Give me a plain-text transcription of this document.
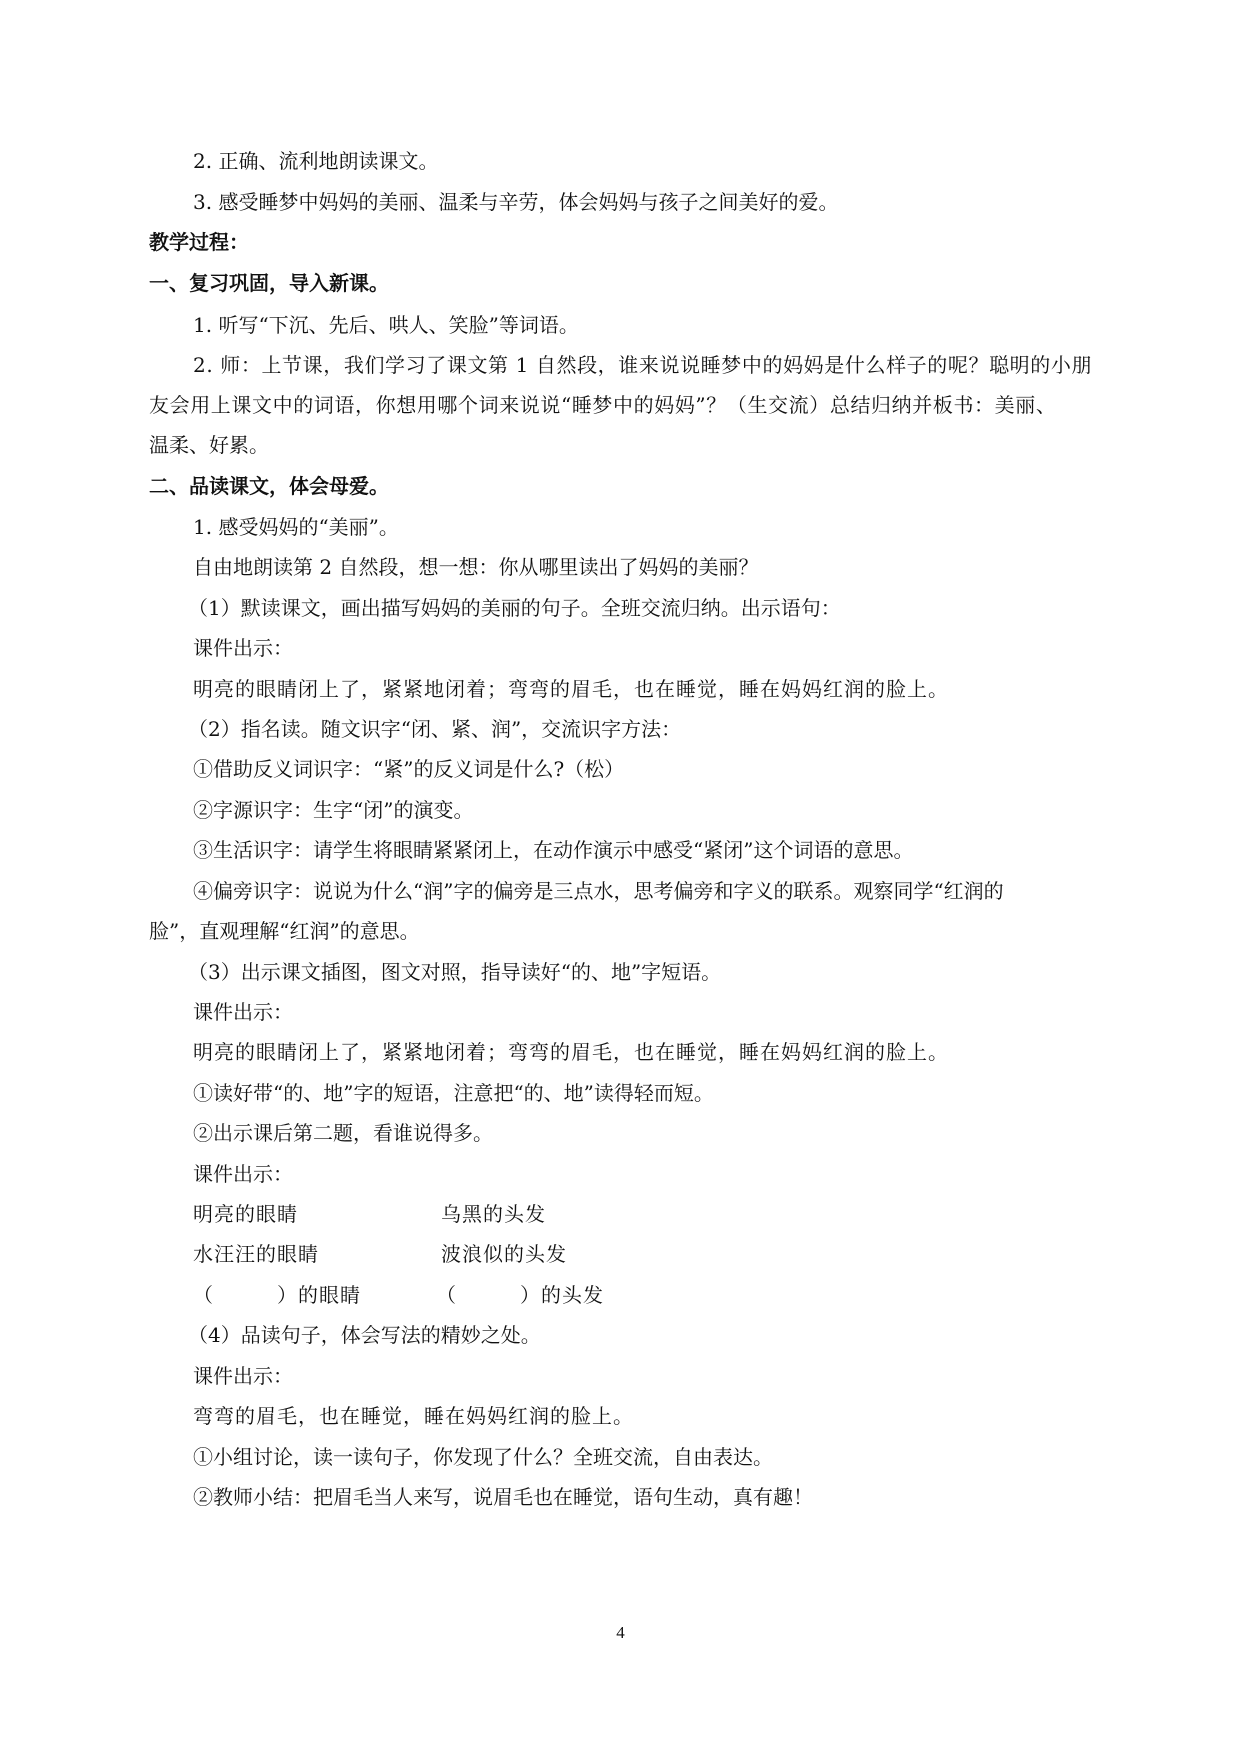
2. 正确、流利地朗读课文。
3. 感受睡梦中妈妈的美丽、温柔与辛劳，体会妈妈与孩子之间美好的爱。
教学过程：
一、复习巩固，导入新课。
1. 听写“下沉、先后、哄人、笑脸”等词语。
2. 师：上节课，我们学习了课文第 1 自然段，谁来说说睡梦中的妈妈是什么样子的呢？聪明的小朋
友会用上课文中的词语，你想用哪个词来说说“睡梦中的妈妈”？（生交流）总结归纳并板书：美丽、
温柔、好累。
二、品读课文，体会母爱。
1. 感受妈妈的“美丽”。
自由地朗读第 2 自然段，想一想：你从哪里读出了妈妈的美丽？
（1）默读课文，画出描写妈妈的美丽的句子。全班交流归纳。出示语句：
课件出示：
明亮的眼睛闭上了，紧紧地闭着；弯弯的眉毛，也在睡觉，睡在妈妈红润的脸上。
（2）指名读。随文识字“闭、紧、润”，交流识字方法：
①借助反义词识字：“紧”的反义词是什么?（松）
②字源识字：生字“闭”的演变。
③生活识字：请学生将眼睛紧紧闭上，在动作演示中感受“紧闭”这个词语的意思。
④偏旁识字：说说为什么“润”字的偏旁是三点水，思考偏旁和字义的联系。观察同学“红润的
脸”，直观理解“红润”的意思。
（3）出示课文插图，图文对照，指导读好“的、地”字短语。
课件出示：
明亮的眼睛闭上了，紧紧地闭着；弯弯的眉毛，也在睡觉，睡在妈妈红润的脸上。
①读好带“的、地”字的短语，注意把“的、地”读得轻而短。
②出示课后第二题，看谁说得多。
课件出示：
明亮的眼睛	乌黑的头发
水汪汪的眼睛	波浪似的头发
（　　　）的眼睛	（　　　）的头发
（4）品读句子，体会写法的精妙之处。
课件出示：
弯弯的眉毛，也在睡觉，睡在妈妈红润的脸上。
①小组讨论，读一读句子，你发现了什么？全班交流，自由表达。
②教师小结：把眉毛当人来写，说眉毛也在睡觉，语句生动，真有趣！
4
